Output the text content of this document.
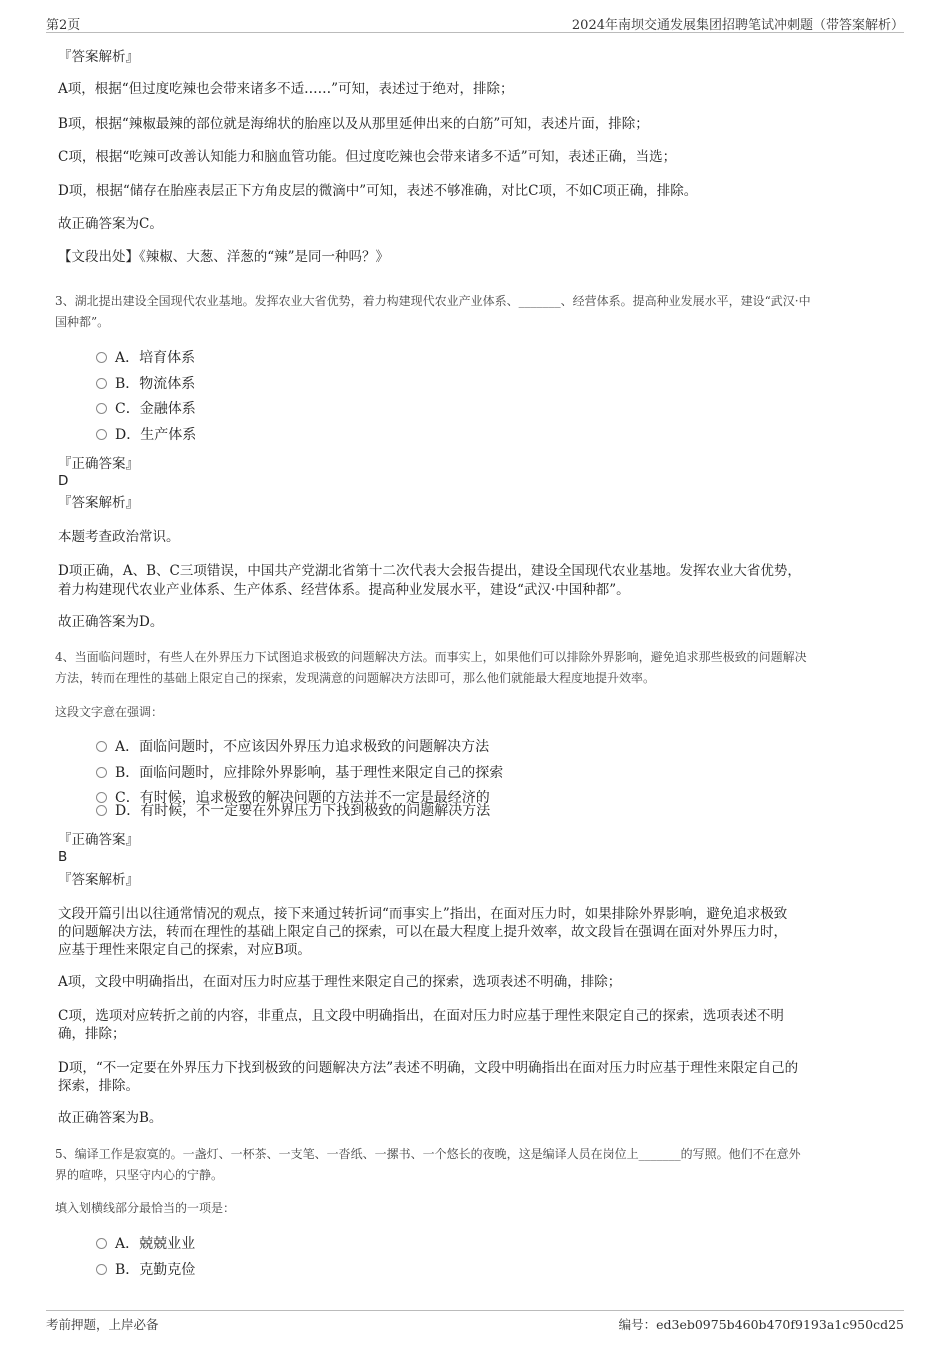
第2页	2024年南坝交通发展集团招聘笔试冲刺题（带答案解析）
『答案解析』
A项，根据“但过度吃辣也会带来诸多不适……”可知，表述过于绝对，排除；
B项，根据“辣椒最辣的部位就是海绵状的胎座以及从那里延伸出来的白筋”可知，表述片面，排除；
C项，根据“吃辣可改善认知能力和脑血管功能。但过度吃辣也会带来诸多不适”可知，表述正确，当选；
D项，根据“储存在胎座表层正下方角皮层的微滴中”可知，表述不够准确，对比C项，不如C项正确，排除。
故正确答案为C。
【文段出处】《辣椒、大葱、洋葱的“辣”是同一种吗？》
3、湖北提出建设全国现代农业基地。发挥农业大省优势，着力构建现代农业产业体系、_______、经营体系。提高种业发展水平，建设“武汉·中
国种都”。
A．培育体系
B．物流体系
C．金融体系
D．生产体系
『正确答案』
D
『答案解析』
本题考查政治常识。
D项正确，A、B、C三项错误，中国共产党湖北省第十二次代表大会报告提出，建设全国现代农业基地。发挥农业大省优势，
着力构建现代农业产业体系、生产体系、经营体系。提高种业发展水平，建设“武汉·中国种都”。
故正确答案为D。
4、当面临问题时，有些人在外界压力下试图追求极致的问题解决方法。而事实上，如果他们可以排除外界影响，避免追求那些极致的问题解决
方法，转而在理性的基础上限定自己的探索，发现满意的问题解决方法即可，那么他们就能最大程度地提升效率。
这段文字意在强调：
A．面临问题时，不应该因外界压力追求极致的问题解决方法
B．面临问题时，应排除外界影响，基于理性来限定自己的探索
C．有时候，追求极致的解决问题的方法并不一定是最经济的
D．有时候，不一定要在外界压力下找到极致的问题解决方法
『正确答案』
B
『答案解析』
文段开篇引出以往通常情况的观点，接下来通过转折词“而事实上”指出，在面对压力时，如果排除外界影响，避免追求极致
的问题解决方法，转而在理性的基础上限定自己的探索，可以在最大程度上提升效率，故文段旨在强调在面对外界压力时，
应基于理性来限定自己的探索，对应B项。
A项，文段中明确指出，在面对压力时应基于理性来限定自己的探索，选项表述不明确，排除；
C项，选项对应转折之前的内容，非重点，且文段中明确指出，在面对压力时应基于理性来限定自己的探索，选项表述不明
确，排除；
D项，“不一定要在外界压力下找到极致的问题解决方法”表述不明确，文段中明确指出在面对压力时应基于理性来限定自己的
探索，排除。
故正确答案为B。
5、编译工作是寂寞的。一盏灯、一杯茶、一支笔、一沓纸、一摞书、一个悠长的夜晚，这是编译人员在岗位上_______的写照。他们不在意外
界的喧哗，只坚守内心的宁静。
填入划横线部分最恰当的一项是：
A．兢兢业业
B．克勤克俭
考前押题，上岸必备	编号：ed3eb0975b460b470f9193a1c950cd25
